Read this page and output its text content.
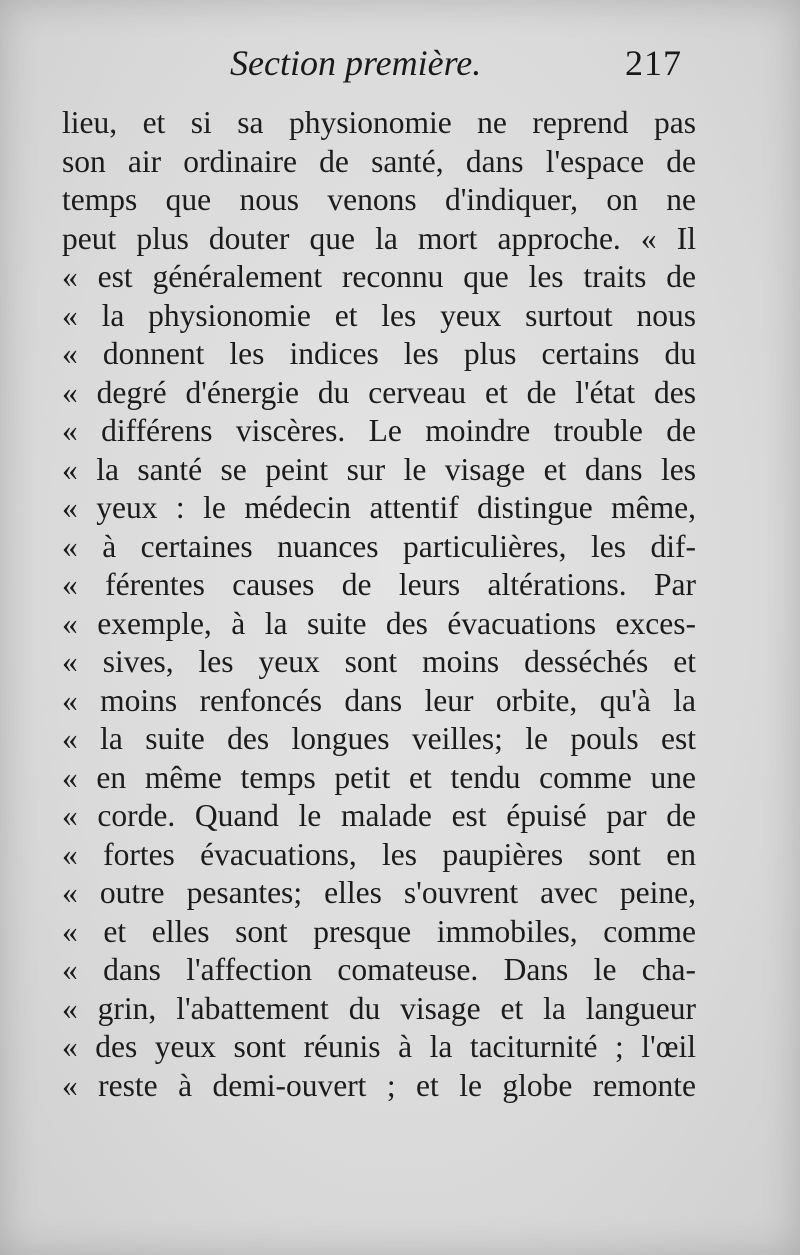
Section première.	217
lieu, et si sa physionomie ne reprend pas
son air ordinaire de santé, dans l'espace de
temps que nous venons d'indiquer, on ne
peut plus douter que la mort approche. « Il
« est généralement reconnu que les traits de
« la physionomie et les yeux surtout nous
« donnent les indices les plus certains du
« degré d'énergie du cerveau et de l'état des
« différens viscères. Le moindre trouble de
« la santé se peint sur le visage et dans les
« yeux : le médecin attentif distingue même,
« à certaines nuances particulières, les dif-
« férentes causes de leurs altérations. Par
« exemple, à la suite des évacuations exces-
« sives, les yeux sont moins desséchés et
« moins renfoncés dans leur orbite, qu'à la
« la suite des longues veilles; le pouls est
« en même temps petit et tendu comme une
« corde. Quand le malade est épuisé par de
« fortes évacuations, les paupières sont en
« outre pesantes; elles s'ouvrent avec peine,
« et elles sont presque immobiles, comme
« dans l'affection comateuse. Dans le cha-
« grin, l'abattement du visage et la langueur
« des yeux sont réunis à la taciturnité ; l'œil
« reste à demi-ouvert ; et le globe remonte
